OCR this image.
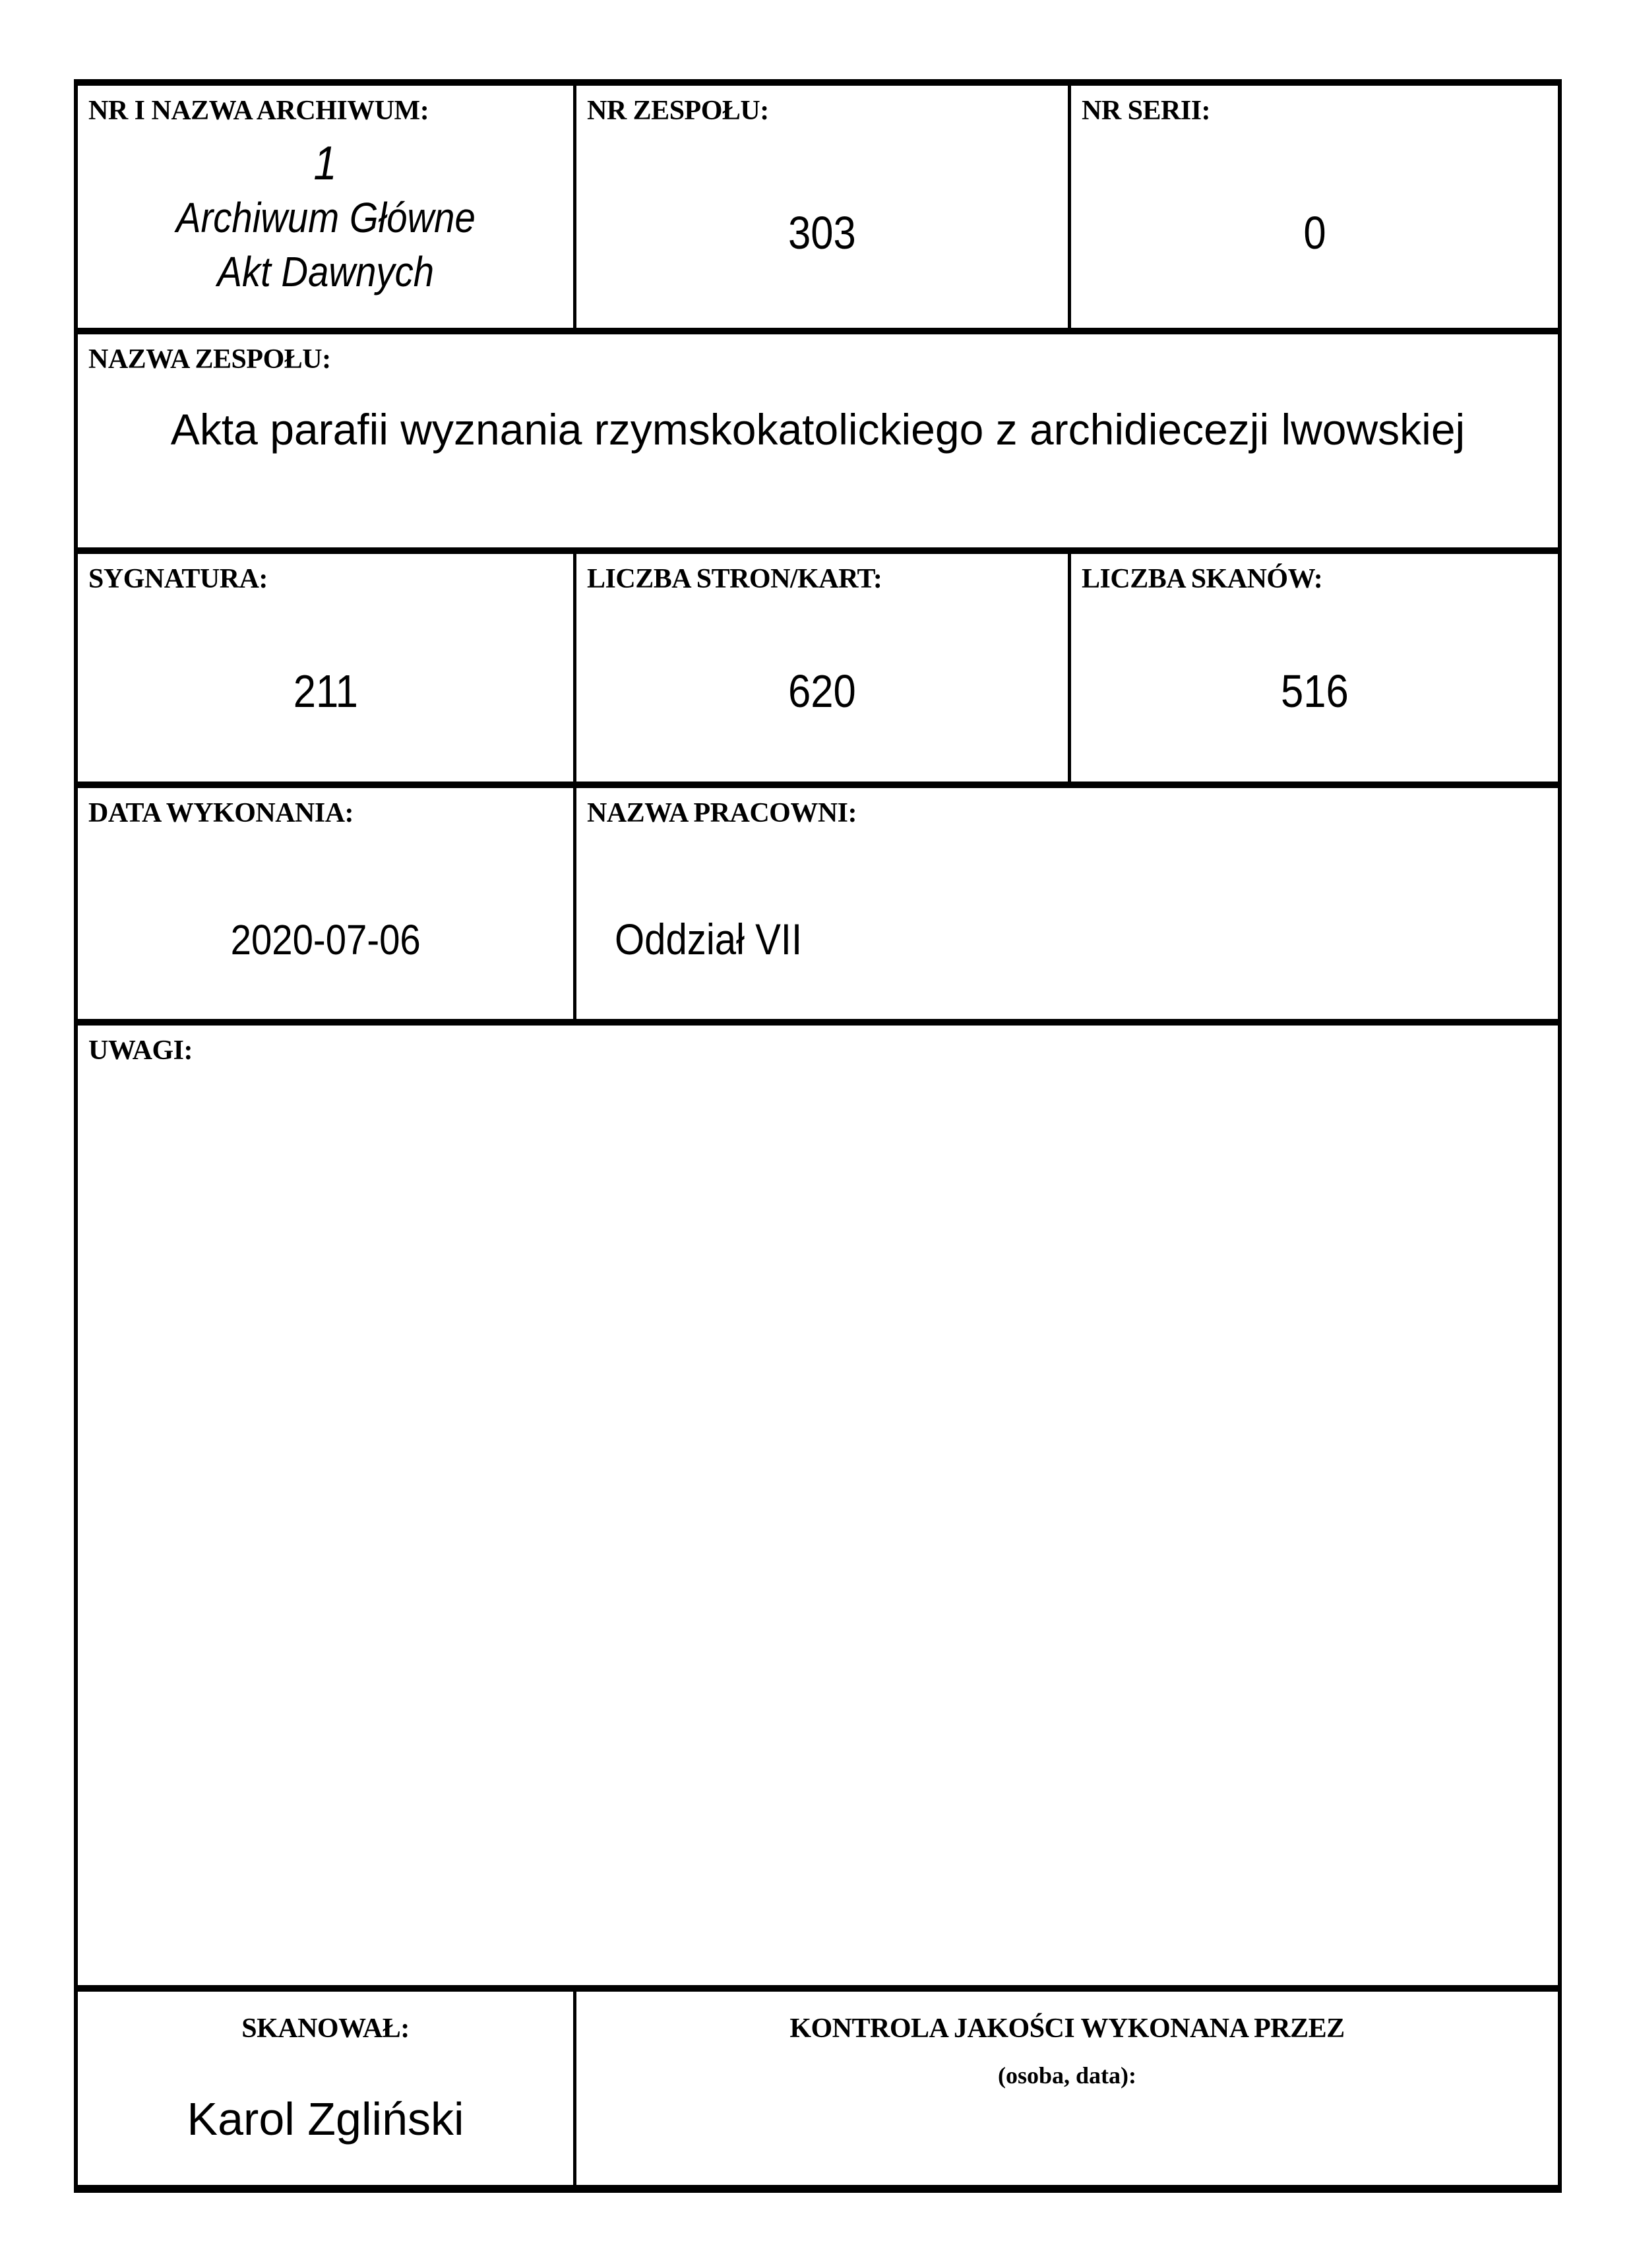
NR I NAZWA ARCHIWUM:
1
Archiwum Główne
Akt Dawnych
NR ZESPOŁU:
303
NR SERII:
0
NAZWA ZESPOŁU:
Akta parafii wyznania rzymskokatolickiego z archidiecezji lwowskiej
SYGNATURA:
211
LICZBA STRON/KART:
620
LICZBA SKANÓW:
516
DATA WYKONANIA:
2020-07-06
NAZWA PRACOWNI:
Oddział VII
UWAGI:
SKANOWAŁ:
Karol Zgliński
KONTROLA JAKOŚCI WYKONANA PRZEZ
(osoba, data):
